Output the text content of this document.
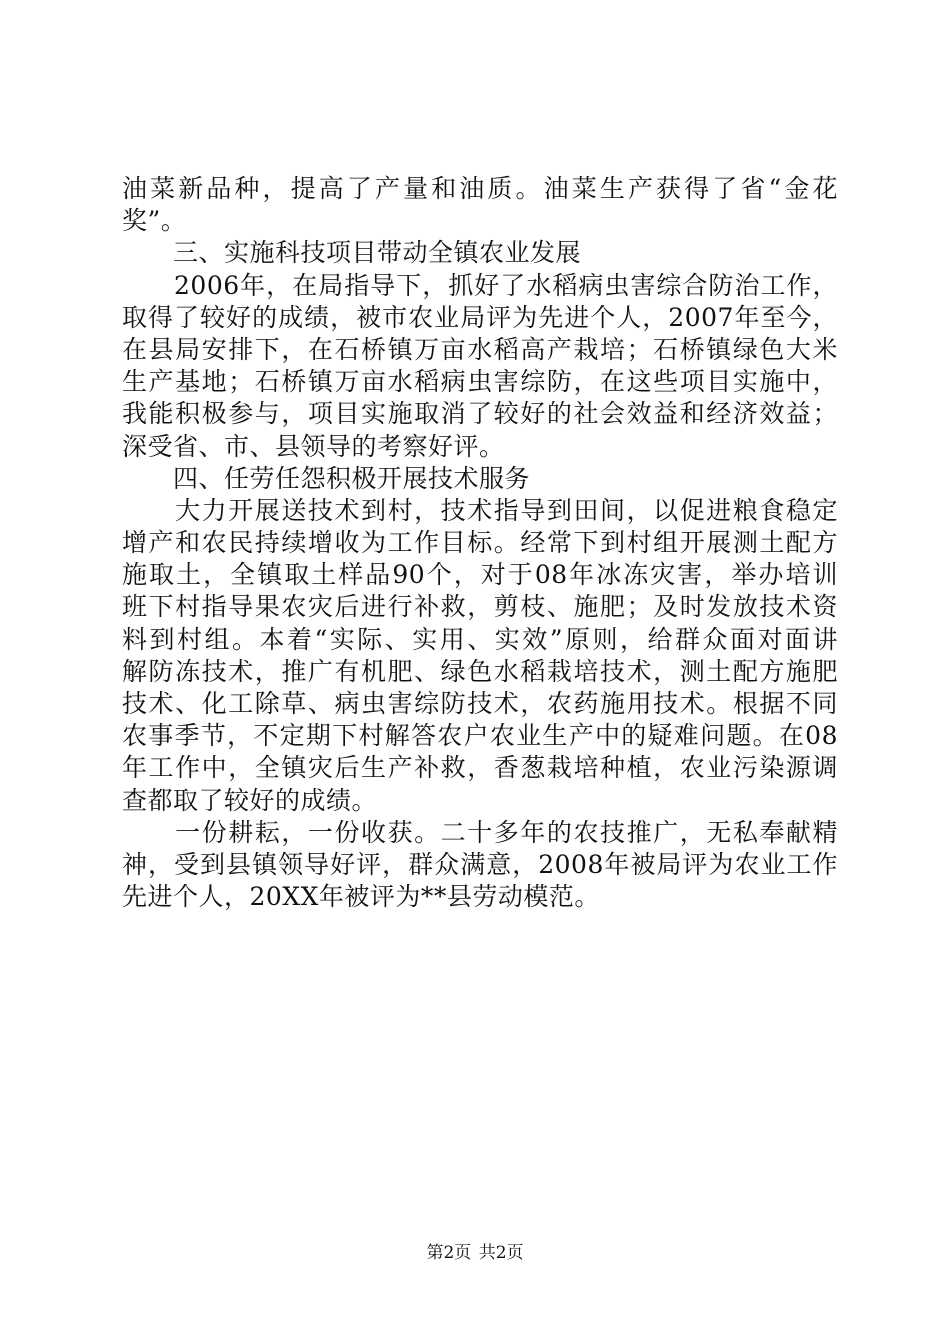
油菜新品种，提高了产量和油质。油菜生产获得了省“金花
奖”。
　　三、实施科技项目带动全镇农业发展
　　2006年，在局指导下，抓好了水稻病虫害综合防治工作，
取得了较好的成绩，被市农业局评为先进个人，2007年至今，
在县局安排下，在石桥镇万亩水稻高产栽培；石桥镇绿色大米
生产基地；石桥镇万亩水稻病虫害综防，在这些项目实施中，
我能积极参与，项目实施取消了较好的社会效益和经济效益；
深受省、市、县领导的考察好评。
　　四、任劳任怨积极开展技术服务
　　大力开展送技术到村，技术指导到田间，以促进粮食稳定
增产和农民持续增收为工作目标。经常下到村组开展测土配方
施取土，全镇取土样品90个，对于08年冰冻灾害，举办培训
班下村指导果农灾后进行补救，剪枝、施肥；及时发放技术资
料到村组。本着“实际、实用、实效”原则，给群众面对面讲
解防冻技术，推广有机肥、绿色水稻栽培技术，测土配方施肥
技术、化工除草、病虫害综防技术，农药施用技术。根据不同
农事季节，不定期下村解答农户农业生产中的疑难问题。在08
年工作中，全镇灾后生产补救，香葱栽培种植，农业污染源调
查都取了较好的成绩。
　　一份耕耘，一份收获。二十多年的农技推广，无私奉献精
神，受到县镇领导好评，群众满意，2008年被局评为农业工作
先进个人，20XX年被评为**县劳动模范。
第2页 共2页
